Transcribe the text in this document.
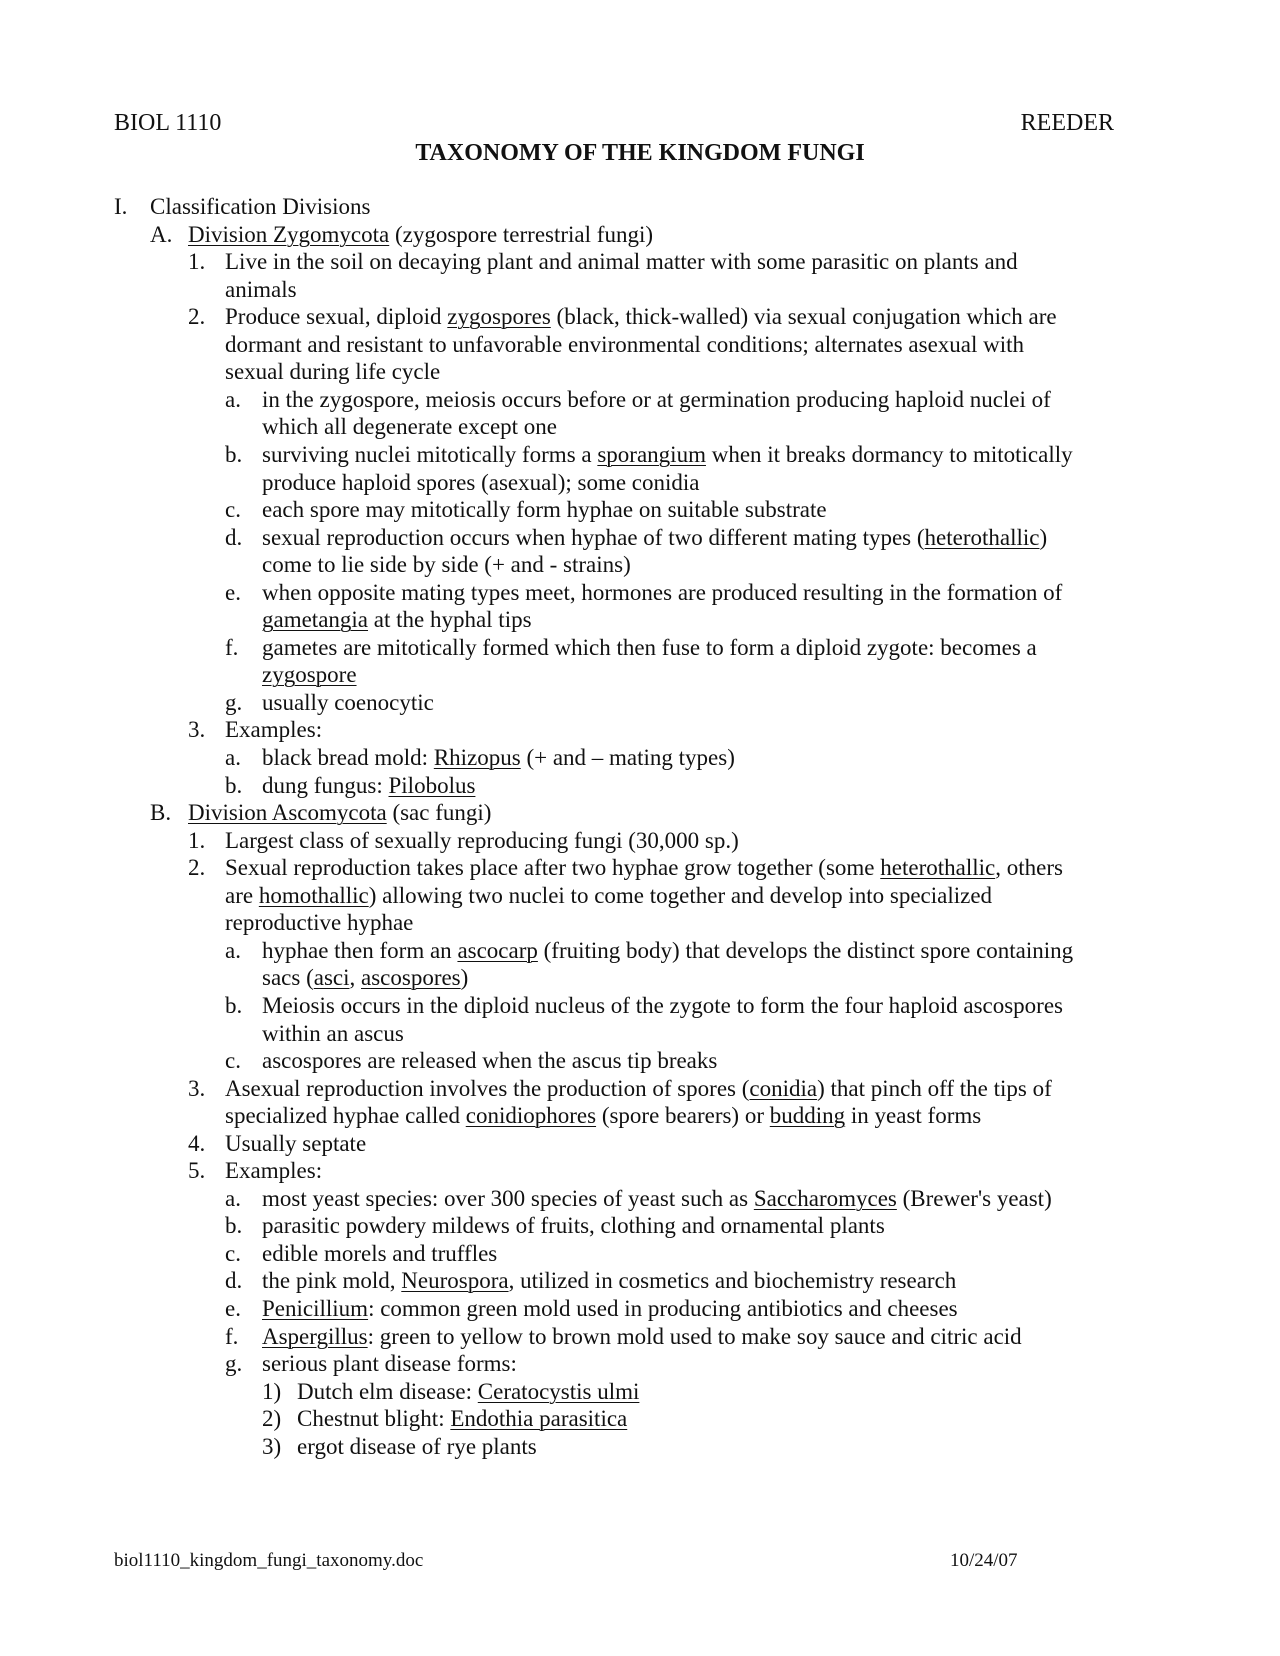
BIOL 1110	REEDER
TAXONOMY OF THE KINGDOM FUNGI
I. Classification Divisions
A. Division Zygomycota (zygospore terrestrial fungi)
1. Live in the soil on decaying plant and animal matter with some parasitic on plants and
animals
2. Produce sexual, diploid zygospores (black, thick-walled) via sexual conjugation which are
dormant and resistant to unfavorable environmental conditions; alternates asexual with
sexual during life cycle
a. in the zygospore, meiosis occurs before or at germination producing haploid nuclei of
which all degenerate except one
b. surviving nuclei mitotically forms a sporangium when it breaks dormancy to mitotically
produce haploid spores (asexual); some conidia
c. each spore may mitotically form hyphae on suitable substrate
d. sexual reproduction occurs when hyphae of two different mating types (heterothallic)
come to lie side by side (+ and - strains)
e. when opposite mating types meet, hormones are produced resulting in the formation of
gametangia at the hyphal tips
f. gametes are mitotically formed which then fuse to form a diploid zygote: becomes a
zygospore
g. usually coenocytic
3. Examples:
a. black bread mold: Rhizopus (+ and – mating types)
b. dung fungus: Pilobolus
B. Division Ascomycota (sac fungi)
1. Largest class of sexually reproducing fungi (30,000 sp.)
2. Sexual reproduction takes place after two hyphae grow together (some heterothallic, others
are homothallic) allowing two nuclei to come together and develop into specialized
reproductive hyphae
a. hyphae then form an ascocarp (fruiting body) that develops the distinct spore containing
sacs (asci, ascospores)
b. Meiosis occurs in the diploid nucleus of the zygote to form the four haploid ascospores
within an ascus
c. ascospores are released when the ascus tip breaks
3. Asexual reproduction involves the production of spores (conidia) that pinch off the tips of
specialized hyphae called conidiophores (spore bearers) or budding in yeast forms
4. Usually septate
5. Examples:
a. most yeast species: over 300 species of yeast such as Saccharomyces (Brewer's yeast)
b. parasitic powdery mildews of fruits, clothing and ornamental plants
c. edible morels and truffles
d. the pink mold, Neurospora, utilized in cosmetics and biochemistry research
e. Penicillium: common green mold used in producing antibiotics and cheeses
f. Aspergillus: green to yellow to brown mold used to make soy sauce and citric acid
g. serious plant disease forms:
1) Dutch elm disease: Ceratocystis ulmi
2) Chestnut blight: Endothia parasitica
3) ergot disease of rye plants
biol1110_kingdom_fungi_taxonomy.doc	10/24/07
